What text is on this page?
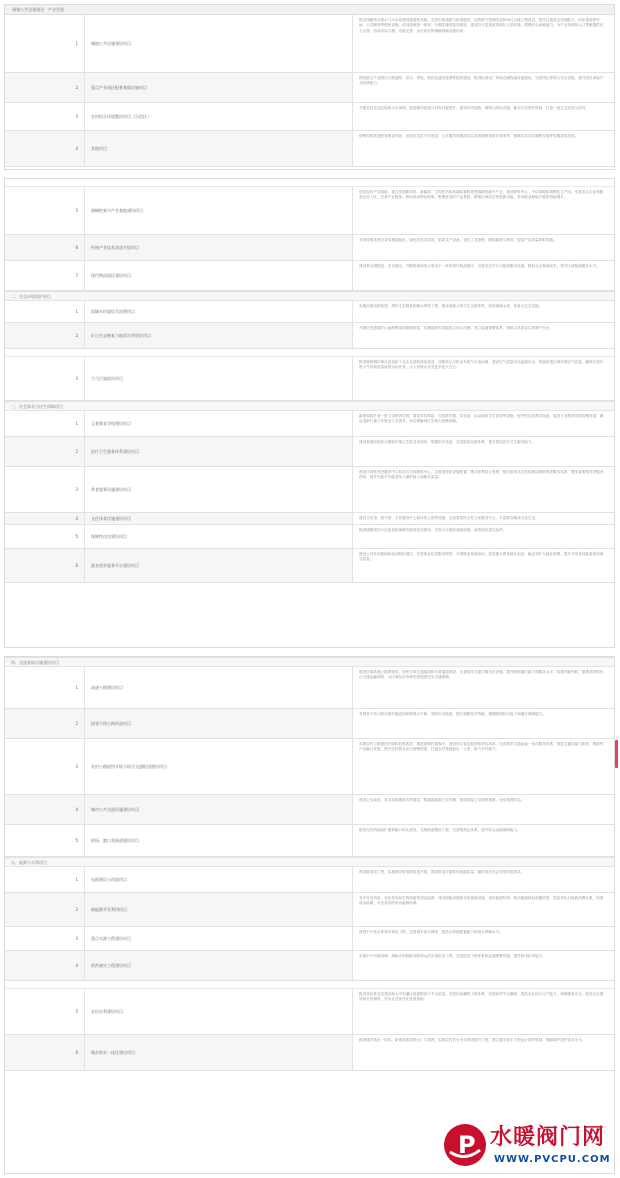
·城镇公共设施建设 · 产业发展
1	城镇公共设施建设项目
推进城镇供水排水与污水处理设施提档升级，完善市政道路与桥梁配套，加快燃气管网改造和雨污分流工程建设，提升垃圾收运处理能力，同步建设停车场、公共厕所等便民设施。项目按照统一规划、分期实施的原则推进，建成后可显著改善城区人居环境，增强综合承载能力，为产业发展和人口集聚提供有力支撑，形成布局合理、功能完善、运行高效的城镇基础设施体系。
2	重点产业园区配套基础设施项目
围绕重点产业园区开展道路、供水、供电、供热及通信管网等配套建设，推进标准化厂房和仓储物流设施建设，完善园区环保与安全设施，提升园区承接产业转移能力。
3	农村综合环境整治项目（示范区）
开展农村生活垃圾和污水治理，推进厕所改造与村容村貌提升，建设村内道路、照明与绿化设施，健全长效管护机制，打造一批生态宜居示范村。
4	其他项目
统筹安排其他配套建设内容，包括信息化平台建设、公共服务设施改造以及前期规划设计咨询等，保障各类项目顺利实施并按期建成投用。
5	战略性新兴产业基地建设项目
依托现有产业基础，重点发展新材料、新能源、生物医药和高端装备制造等战略性新兴产业，建设研发中心、中试基地和规模化生产线，引进龙头企业和配套企业入驻，完善产业链条，推动形成特色鲜明、集聚度高的产业集群，增强区域经济发展新动能，带动就业和地方税收持续增长。
6	传统产业技术改造升级项目
支持传统优势企业实施智能化、绿色化技术改造，更新生产设备，优化工艺流程，降低能耗与排放，提高产品质量和附加值。
7	现代物流园区建设项目
建设集仓储配送、多式联运、冷链物流和电子商务于一体的现代物流园区，完善信息平台与配套服务设施，降低社会物流成本，提升区域物流服务水平。
二、生态环境保护项目
1	流域水环境综合治理项目
实施河道清淤疏浚、堤岸生态修复和截污纳管工程，建设湿地公园与生态缓冲带，改善流域水质，恢复水生态功能。
2	矿山生态修复与地质灾害防治项目
开展历史遗留矿山地形整治和植被恢复，实施地质灾害隐患点综合治理，建立监测预警体系，保障人民群众生命财产安全。
3	大气污染防治项目
推进燃煤锅炉淘汰改造和工业企业超低排放改造，加强扬尘与机动车尾气污染治理，建设空气质量自动监测站点，持续改善区域环境空气质量，确保完成年度大气环境质量改善目标任务，让人民群众享受更多蓝天白云。
三、社会事业与民生保障项目
1	义务教育学校建设项目
新建和改扩建一批义务教育学校，增加学位供给，完善教学楼、实验室、运动场和学生宿舍等设施，配齐信息化教学设备，促进义务教育优质均衡发展，满足适龄儿童少年就近入学需求，切实缓解城区学校大班额问题。
2	医疗卫生服务体系建设项目
建设县级医院综合楼和乡镇卫生院业务用房，购置医疗设备，完善院前急救体系，提升基层医疗卫生服务能力。
3	养老服务设施建设项目
建设区域性养老服务中心和社区日间照料中心，完善适老化设施配置，推动医养结合发展，健全居家社区机构相协调的养老服务体系，增加普惠型养老服务供给，提升失能半失能老年人照护能力和服务质量。
4	文化体育设施建设项目	建设文化馆、图书馆、全民健身中心和体育公园等设施，完善基层综合性文化服务中心，丰富群众精神文化生活。
5	保障性住房建设项目
推进城镇老旧小区改造和保障性租赁住房建设，完善小区配套基础设施，改善居民居住条件。
6	就业创业服务平台建设项目
建设公共实训基地和创业孵化园区，完善就业信息服务网络，开展职业技能培训，促进重点群体就业创业，稳定和扩大就业规模，提升劳动者技能素质和就业质量。
四、交通基础设施建设项目
1	高速公路建设项目
推进区域高速公路网建设，加快互联互通通道和出省通道建设，完善枢纽互通与服务区设施，提升路网通行能力和服务水平，构建内畅外联、便捷高效的综合交通运输网络，为区域经济协调发展提供坚实交通保障。
2	国省干线公路改造项目
对国省干线公路实施升级改造和路面大中修，消除安全隐患，提升道路技术等级，增强路网抗灾能力和通行保障能力。
3	农村公路提档升级与综合交通枢纽建设项目
实施农村公路提档升级和危桥改造，推进建制村通客车，建设综合客运枢纽和货运场站，完善城乡交通运输一体化服务体系，推进交通运输与旅游、物流等产业融合发展，提升农村群众出行便利程度，打通农村物流最后一公里，助力乡村振兴。
4	城市公共交通设施建设项目
建设公交场站、首末站和港湾式停靠站，购置新能源公交车辆，建设智能公交调度系统，优化线网布局。
5	机场、港口及航道建设项目
推进支线机场改扩建和港口码头建设，实施航道整治工程，完善集疏运体系，提升综合运输保障能力。
五、能源与水利项目
1	电网建设与改造项目
建设输变电工程，实施城乡配电网改造升级，提高供电可靠性和电能质量，满足经济社会发展用电需求。
2	新能源开发利用项目
有序开发风电、光伏发电和生物质能等清洁能源，建设储能设施和充电基础设施，优化能源结构，推动能源绿色低碳转型，提高非化石能源消费比重，构建清洁低碳、安全高效的现代能源体系。
3	重点水源工程建设项目
建设中小型水库和引调水工程，完善城乡供水网络，提高水资源配置能力和供水保障水平。
4	防洪减灾工程建设项目
实施中小河流治理、病险水库除险加固和山洪灾害防治工程，完善防洪工程体系和监测预警设施，提升防汛抗旱能力。
5	农田水利建设项目
推进高标准农田建设和大中型灌区续建配套与节水改造，完善田间灌排工程体系，发展高效节水灌溉，提高农业综合生产能力，保障粮食安全，促进农业增效和农民增收，夯实农业现代化发展基础。
6	城乡供水一体化建设项目
推进城乡供水一体化，新建和改造供水厂与管网，实施农村饮水安全巩固提升工程，建立健全供水工程运行管护机制，保障城乡居民饮水安全。
P 水暖阀门网
WWW.PVCPU.COM
